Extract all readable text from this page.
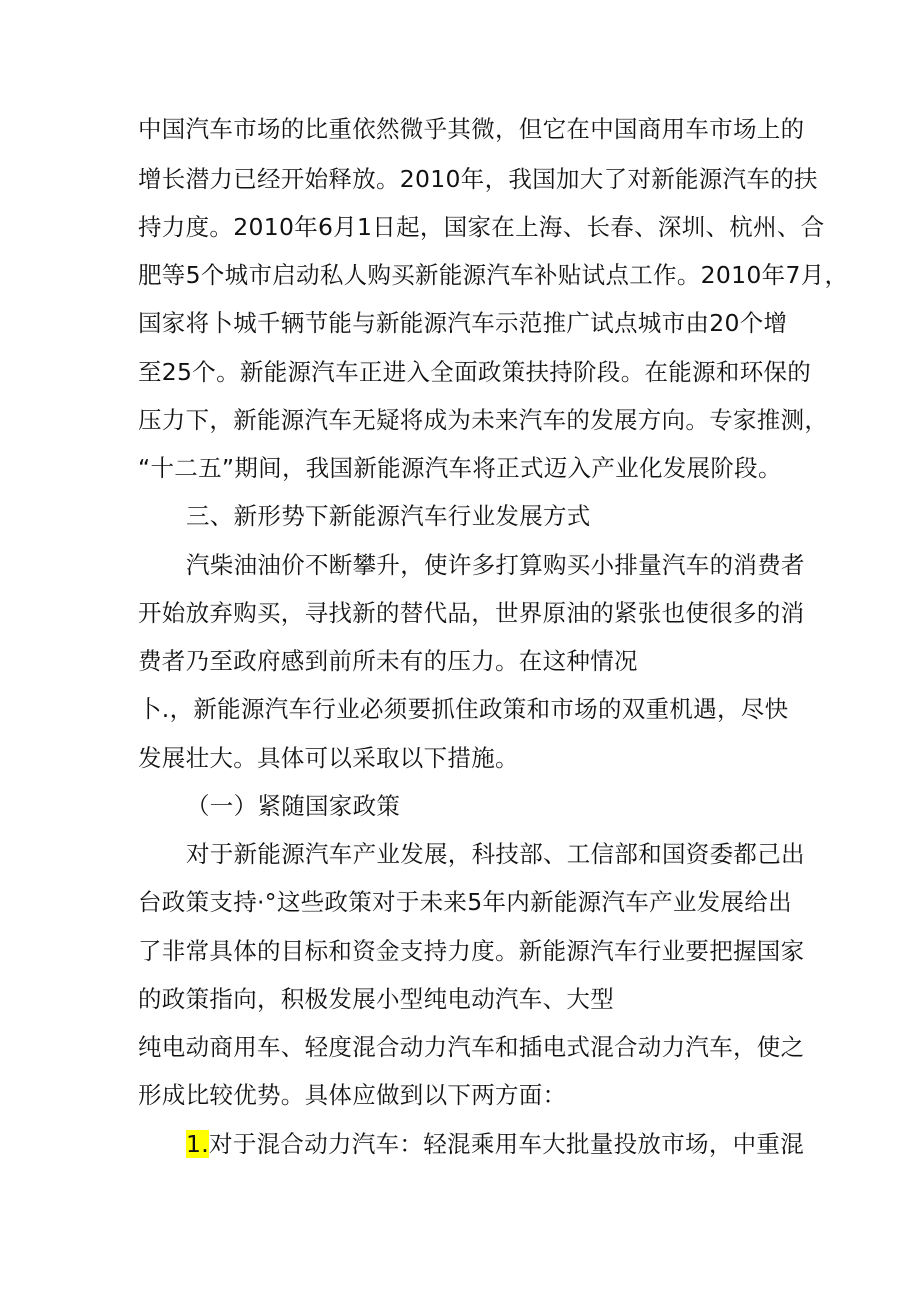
中国汽车市场的比重依然微乎其微，但它在中国商用车市场上的
增长潜力已经开始释放。2010年，我国加大了对新能源汽车的扶
持力度。2010年6月1日起，国家在上海、长春、深圳、杭州、合
肥等5个城市启动私人购买新能源汽车补贴试点工作。2010年7月，
国家将卜城千辆节能与新能源汽车示范推广试点城市由20个增
至25个。新能源汽车正进入全面政策扶持阶段。在能源和环保的
压力下，新能源汽车无疑将成为未来汽车的发展方向。专家推测，
“十二五”期间，我国新能源汽车将正式迈入产业化发展阶段。
三、新形势下新能源汽车行业发展方式
汽柴油油价不断攀升，使许多打算购买小排量汽车的消费者
开始放弃购买，寻找新的替代品，世界原油的紧张也使很多的消
费者乃至政府感到前所未有的压力。在这种情况
卜.，新能源汽车行业必须要抓住政策和市场的双重机遇，尽快
发展壮大。具体可以采取以下措施。
（一）紧随国家政策
对于新能源汽车产业发展，科技部、工信部和国资委都己出
台政策支持·°这些政策对于未来5年内新能源汽车产业发展给出
了非常具体的目标和资金支持力度。新能源汽车行业要把握国家
的政策指向，积极发展小型纯电动汽车、大型
纯电动商用车、轻度混合动力汽车和插电式混合动力汽车，使之
形成比较优势。具体应做到以下两方面：
1.对于混合动力汽车：轻混乘用车大批量投放市场，中重混
